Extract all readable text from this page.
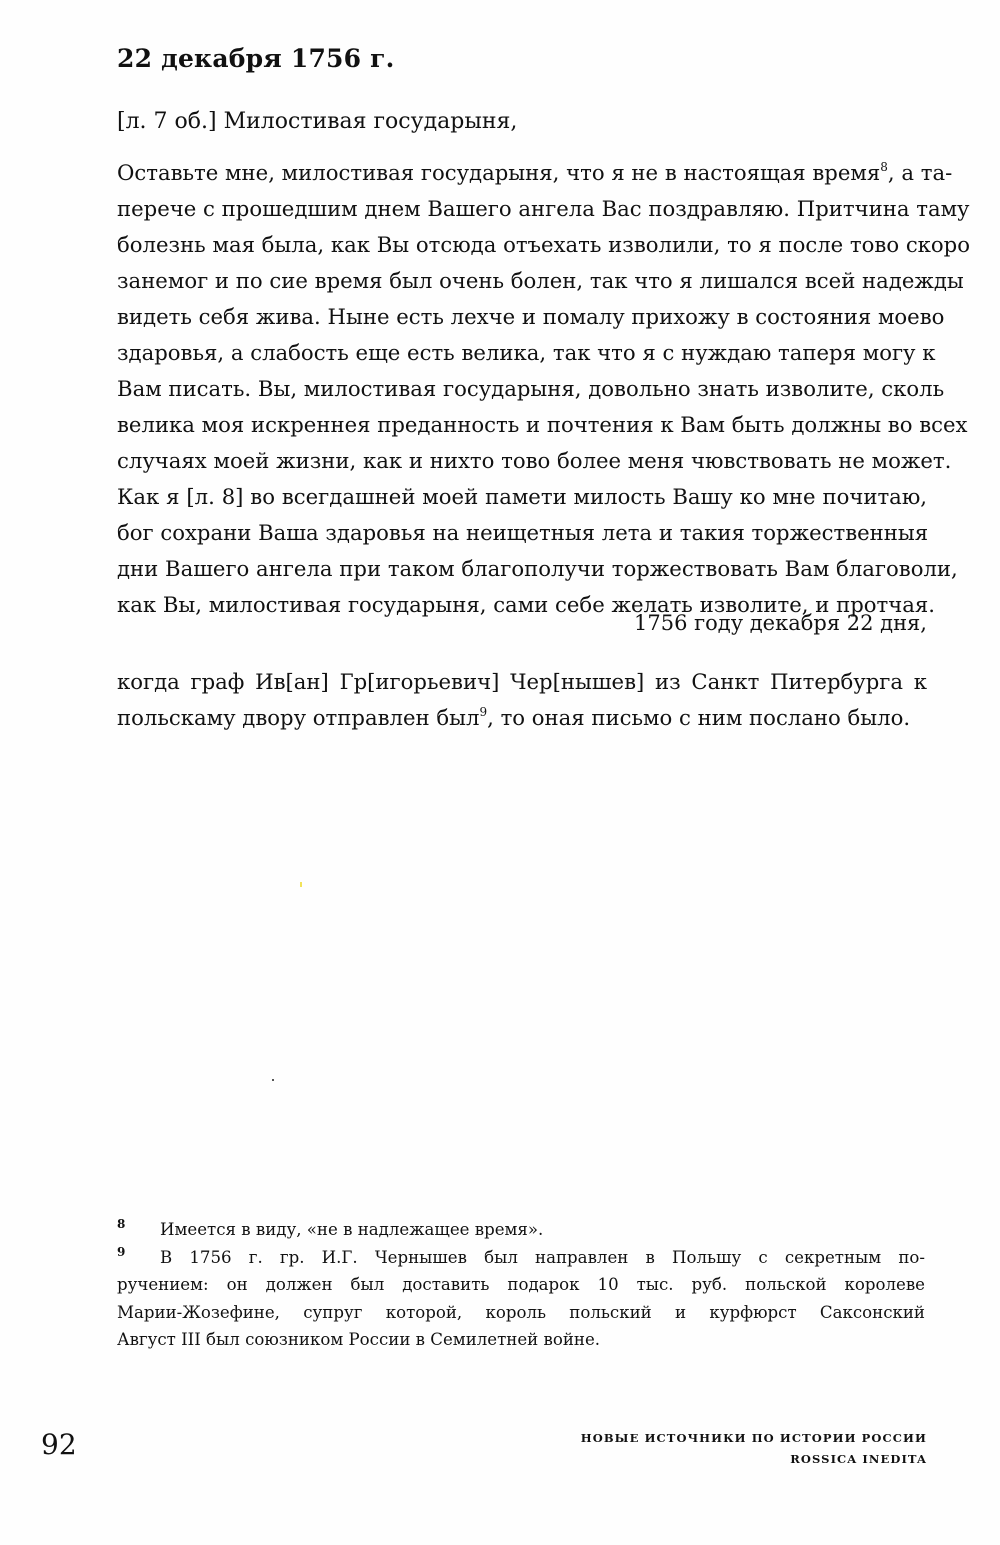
22 декабря 1756 г.
[л. 7 об.] Милостивая государыня,
Оставьте мне, милостивая государыня, что я не в настоящая время$^8$, а та-
перече с прошедшим днем Вашего ангела Вас поздравляю. Притчина таму
болезнь мая была, как Вы отсюда отъехать изволили, то я после тово скоро
занемог и по сие время был очень болен, так что я лишался всей надежды
видеть себя жива. Ныне есть лехче и помалу прихожу в состояния моево
здаровья, а слабость еще есть велика, так что я с нуждаю таперя могу к
Вам писать. Вы, милостивая государыня, довольно знать изволите, сколь
велика моя искреннея преданность и почтения к Вам быть должны во всех
случаях моей жизни, как и нихто тово более меня чювствовать не может.
Как я [л. 8] во всегдашней моей памети милость Вашу ко мне почитаю,
бог сохрани Ваша здаровья на неищетныя лета и такия торжественныя
дни Вашего ангела при таком благополучи торжествовать Вам благоволи,
как Вы, милостивая государыня, сами себе желать изволите, и протчая.
1756 году декабря 22 дня,
когда граф Ив[ан] Гр[игорьевич] Чер[нышев] из Санкт Питербурга к
польскаму двору отправлен был$^9$, то оная письмо с ним послано было.
8 Имеется в виду, «не в надлежащее время».
9 В 1756 г. гр. И.Г. Чернышев был направлен в Польшу с секретным по-
ручением: он должен был доставить подарок 10 тыс. руб. польской королеве
Марии-Жозефине, супруг которой, король польский и курфюрст Саксонский
Август III был союзником России в Семилетней войне.
92	НОВЫЕ ИСТОЧНИКИ ПО ИСТОРИИ РОССИИ
ROSSICA INEDITA
